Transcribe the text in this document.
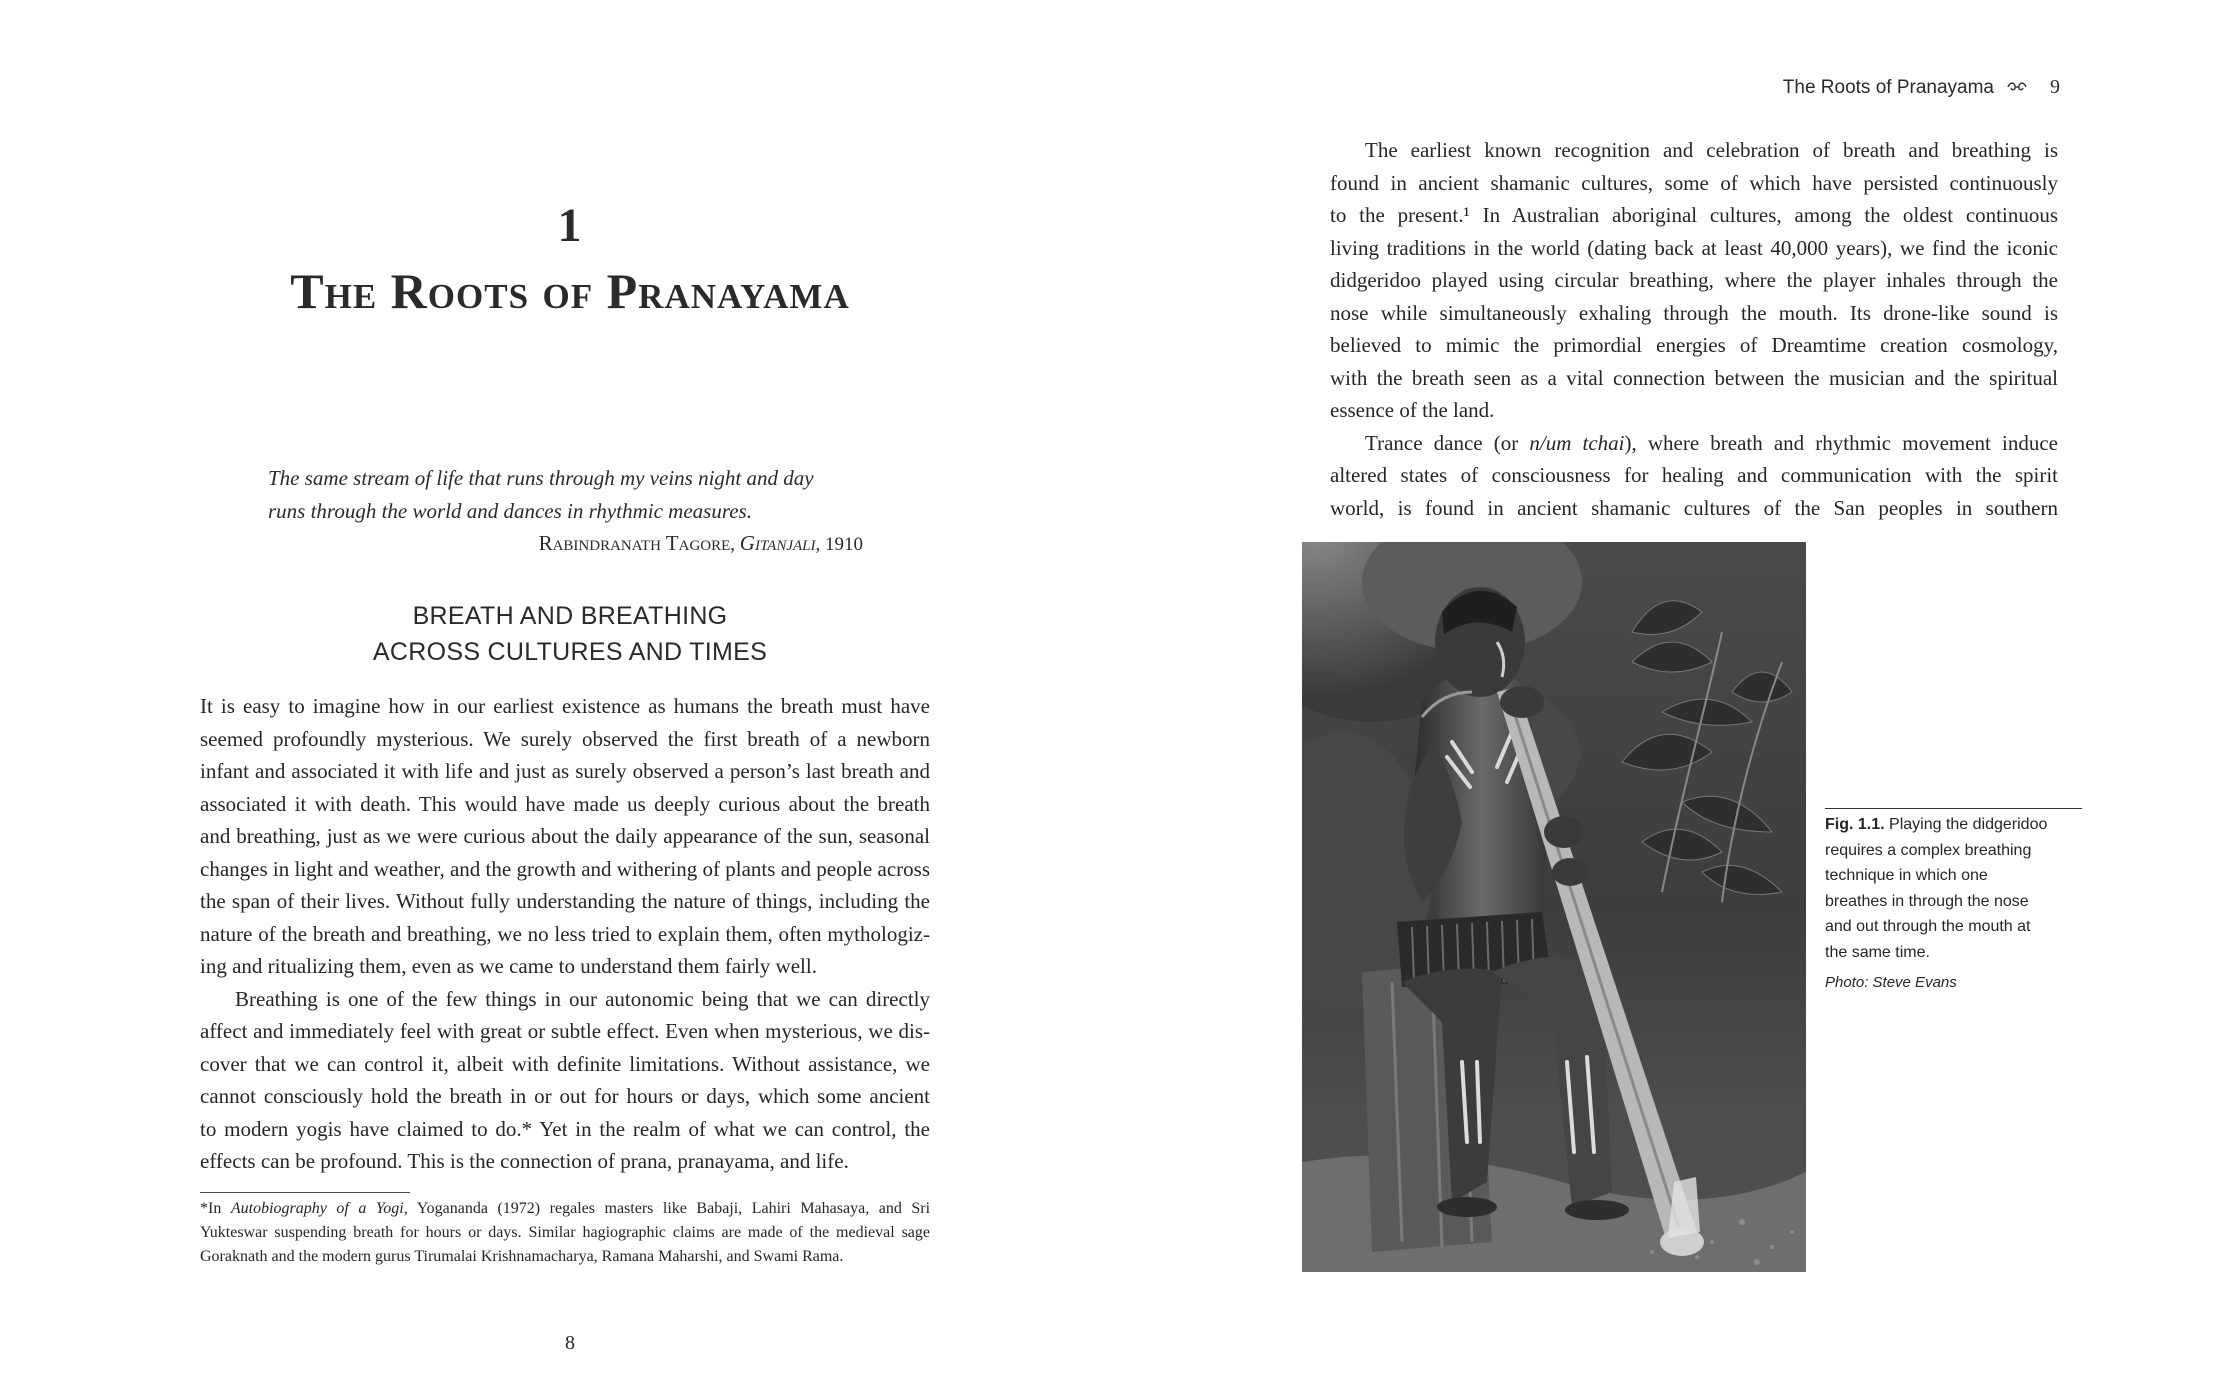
1
The Roots of Pranayama
The same stream of life that runs through my veins night and day
runs through the world and dances in rhythmic measures.
Rabindranath Tagore, Gitanjali, 1910
BREATH AND BREATHING
ACROSS CULTURES AND TIMES

It is easy to imagine how in our earliest existence as humans the breath must have
seemed profoundly mysterious. We surely observed the first breath of a newborn
infant and associated it with life and just as surely observed a person’s last breath and
associated it with death. This would have made us deeply curious about the breath
and breathing, just as we were curious about the daily appearance of the sun, seasonal
changes in light and weather, and the growth and withering of plants and people across
the span of their lives. Without fully understanding the nature of things, including the
nature of the breath and breathing, we no less tried to explain them, often mythologiz-
ing and ritualizing them, even as we came to understand them fairly well.

Breathing is one of the few things in our autonomic being that we can directly
affect and immediately feel with great or subtle effect. Even when mysterious, we dis-
cover that we can control it, albeit with definite limitations. Without assistance, we
cannot consciously hold the breath in or out for hours or days, which some ancient
to modern yogis have claimed to do.* Yet in the realm of what we can control, the
effects can be profound. This is the connection of prana, pranayama, and life.

*In Autobiography of a Yogi, Yogananda (1972) regales masters like Babaji, Lahiri Mahasaya, and Sri
Yukteswar suspending breath for hours or days. Similar hagiographic claims are made of the medieval sage
Goraknath and the modern gurus Tirumalai Krishnamacharya, Ramana Maharshi, and Swami Rama.
8
The Roots of Pranayama	9

The earliest known recognition and celebration of breath and breathing is
found in ancient shamanic cultures, some of which have persisted continuously
to the present.¹ In Australian aboriginal cultures, among the oldest continuous
living traditions in the world (dating back at least 40,000 years), we find the iconic
didgeridoo played using circular breathing, where the player inhales through the
nose while simultaneously exhaling through the mouth. Its drone-like sound is
believed to mimic the primordial energies of Dreamtime creation cosmology,
with the breath seen as a vital connection between the musician and the spiritual
essence of the land.

Trance dance (or n/um tchai), where breath and rhythmic movement induce
altered states of consciousness for healing and communication with the spirit
world, is found in ancient shamanic cultures of the San peoples in southern

Fig. 1.1. Playing the didgeridoo
requires a complex breathing
technique in which one
breathes in through the nose
and out through the mouth at
the same time.
Photo: Steve Evans
